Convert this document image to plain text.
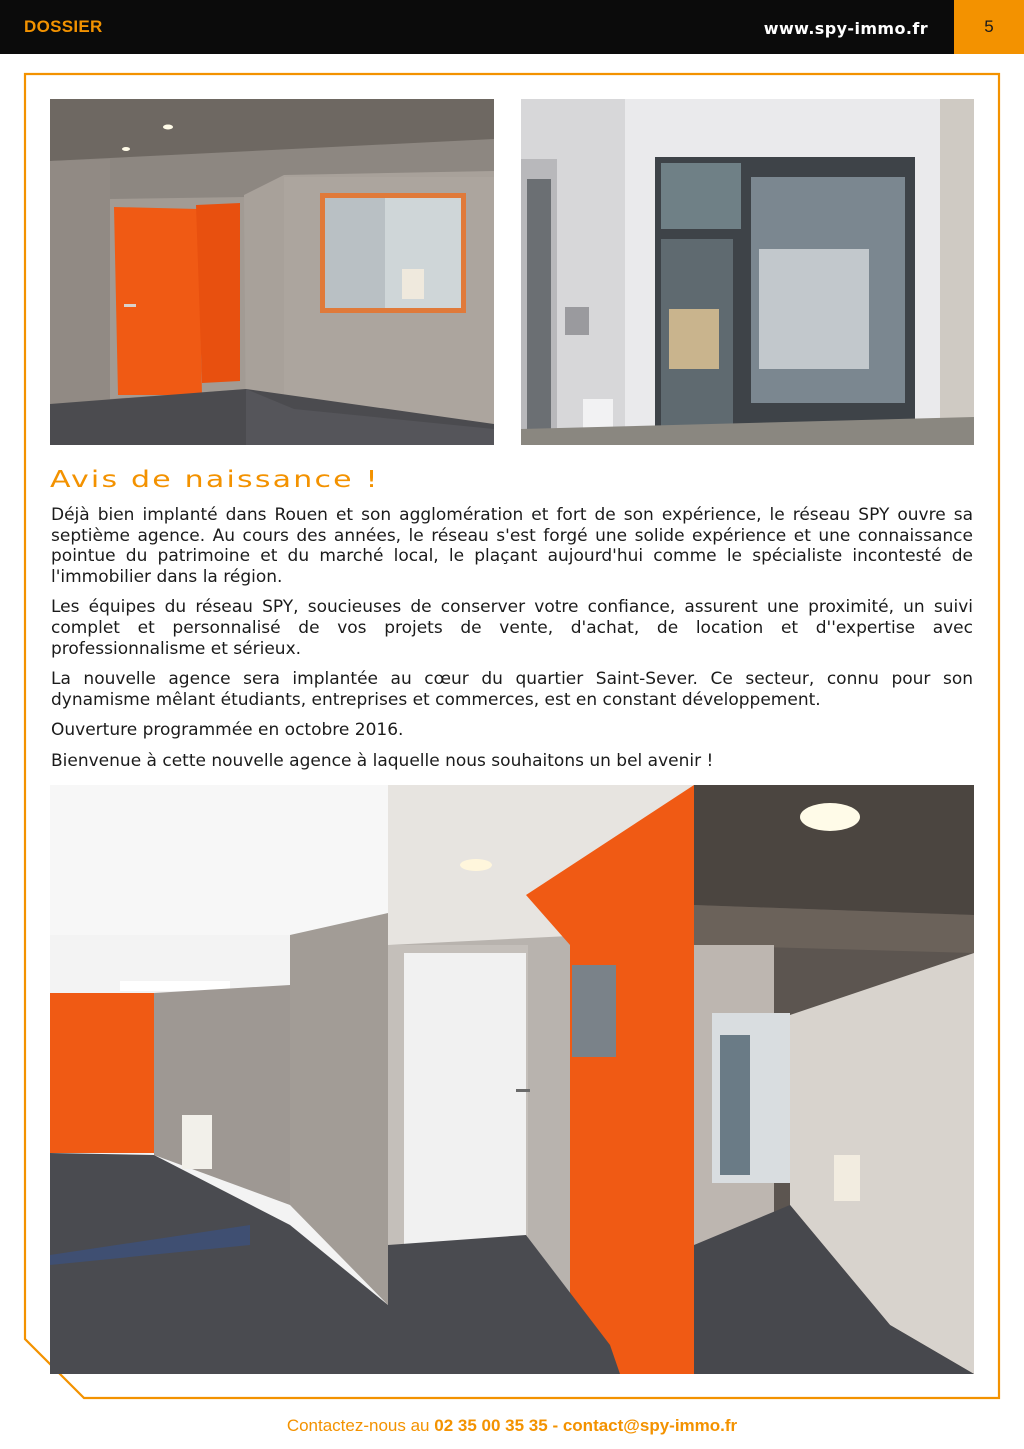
DOSSIER	www.spy-immo.fr	5
Avis de naissance !

Déjà bien implanté dans Rouen et son agglomération et fort de son expérience, le réseau SPY ouvre sa septième agence. Au cours des années, le réseau s'est forgé une solide expérience et une connaissance pointue du patrimoine et du marché local, le plaçant aujourd'hui comme le spécialiste incontesté de l'immobilier dans la région.

Les équipes du réseau SPY, soucieuses de conserver votre confiance, assurent une proximité, un suivi complet et personnalisé de vos projets de vente, d'achat, de location et d''expertise avec professionnalisme et sérieux.

La nouvelle agence sera implantée au cœur du quartier Saint-Sever. Ce secteur, connu pour son dynamisme mêlant étudiants, entreprises et commerces, est en constant développement.

Ouverture programmée en octobre 2016.

Bienvenue à cette nouvelle agence à laquelle nous souhaitons un bel avenir !

Contactez-nous au 02 35 00 35 35 - contact@spy-immo.fr
